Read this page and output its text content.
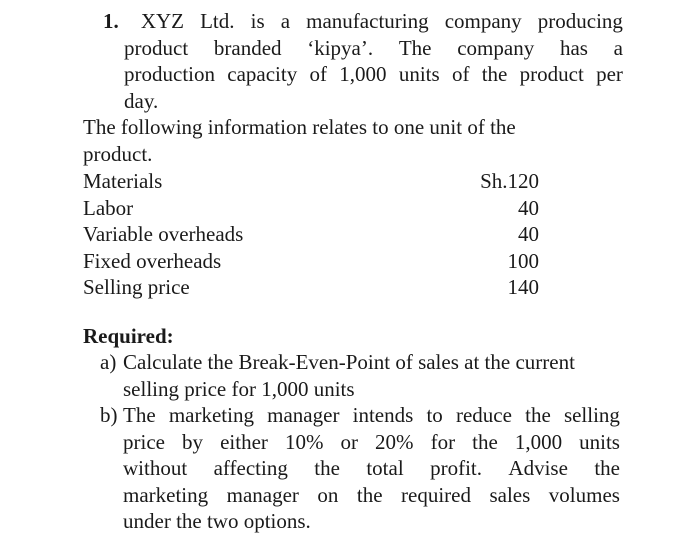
1. XYZ Ltd. is a manufacturing company producing
product branded ‘kipya’. The company has a
production capacity of 1,000 units of the product per
day.
The following information relates to one unit of the
product.
Materials	Sh.120
Labor	40
Variable overheads	40
Fixed overheads	100
Selling price	140
Required:
a) Calculate the Break-Even-Point of sales at the current
selling price for 1,000 units
b) The marketing manager intends to reduce the selling
price by either 10% or 20% for the 1,000 units
without affecting the total profit. Advise the
marketing manager on the required sales volumes
under the two options.
